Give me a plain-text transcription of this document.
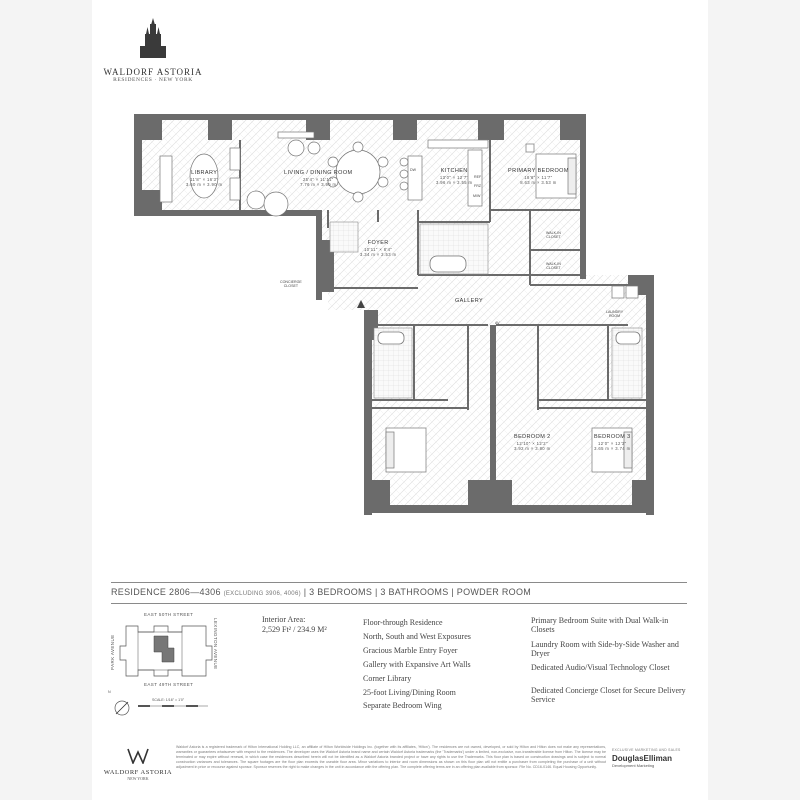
WALDORF ASTORIA
RESIDENCES · NEW YORK
LIBRARY
11'8" × 16'3"
3.60 m × 3.90 m
LIVING / DINING ROOM
25'4" × 11'11"
7.76 m × 3.99 m
KITCHEN
13'0" × 12'7"
3.96 m × 3.55 m
PRIMARY BEDROOM
18'6" × 11'7"
8.63 m × 3.53 m
FOYER
10'11" × 8'4"
3.34 m × 2.53 m
GALLERY
BEDROOM 2
12'10" × 12'2"
3.92 m × 3.80 m
BEDROOM 3
12'0" × 12'3"
3.65 m × 3.74 m
WALK-IN
CLOSET
WALK-IN
CLOSET
LAUNDRY
ROOM
CONCIERGE
CLOSET
AV
REF
DW
FRZ
M/W
RESIDENCE 2806—4306 (EXCLUDING 3906, 4006) | 3 BEDROOMS | 3 BATHROOMS | POWDER ROOM
EAST 50TH STREET
EAST 49TH STREET
PARK AVENUE	LEXINGTON AVENUE
N
SCALE: 1/16" = 1'0"
Interior Area:
2,529 Ft² / 234.9 M²
Floor-through Residence
North, South and West Exposures
Gracious Marble Entry Foyer
Gallery with Expansive Art Walls
Corner Library
25-foot Living/Dining Room
Separate Bedroom Wing
Primary Bedroom Suite with Dual Walk-in Closets
Laundry Room with Side-by-Side Washer and Dryer
Dedicated Audio/Visual Technology Closet
Dedicated Concierge Closet for Secure Delivery Service
WALDORF ASTORIA
NEW YORK
Waldorf Astoria is a registered trademark of Hilton International Holding LLC, an affiliate of Hilton Worldwide Holdings Inc. (together with its affiliates, 'Hilton'). The residences are not owned, developed, or sold by Hilton and Hilton does not make any representations, warranties or guarantees whatsoever with respect to the residences. The developer uses the Waldorf Astoria brand name and certain Waldorf Astoria trademarks (the 'Trademarks') under a limited, non-exclusive, non-transferable license from Hilton. The license may be terminated or may expire without renewal, in which case the residences described herein will not be identified as a Waldorf Astoria branded project or have any rights to use the Trademarks. This floor plan is based on construction drawings and is subject to normal construction variances and tolerances. The square footages are the floor plan exceeds the useable floor area. Minor variations to interior and room dimensions as shown on this floor plan will not entitle a purchaser from completing the purchase of a unit without adjustment in price or recourse against sponsor. Sponsor reserves the right to make changes in the unit in accordance with the offering plan. The complete offering terms are in an offering plan available from sponsor. File No. CD16-0146. Equal Housing Opportunity.
EXCLUSIVE MARKETING AND SALES
DouglasElliman
Development Marketing
